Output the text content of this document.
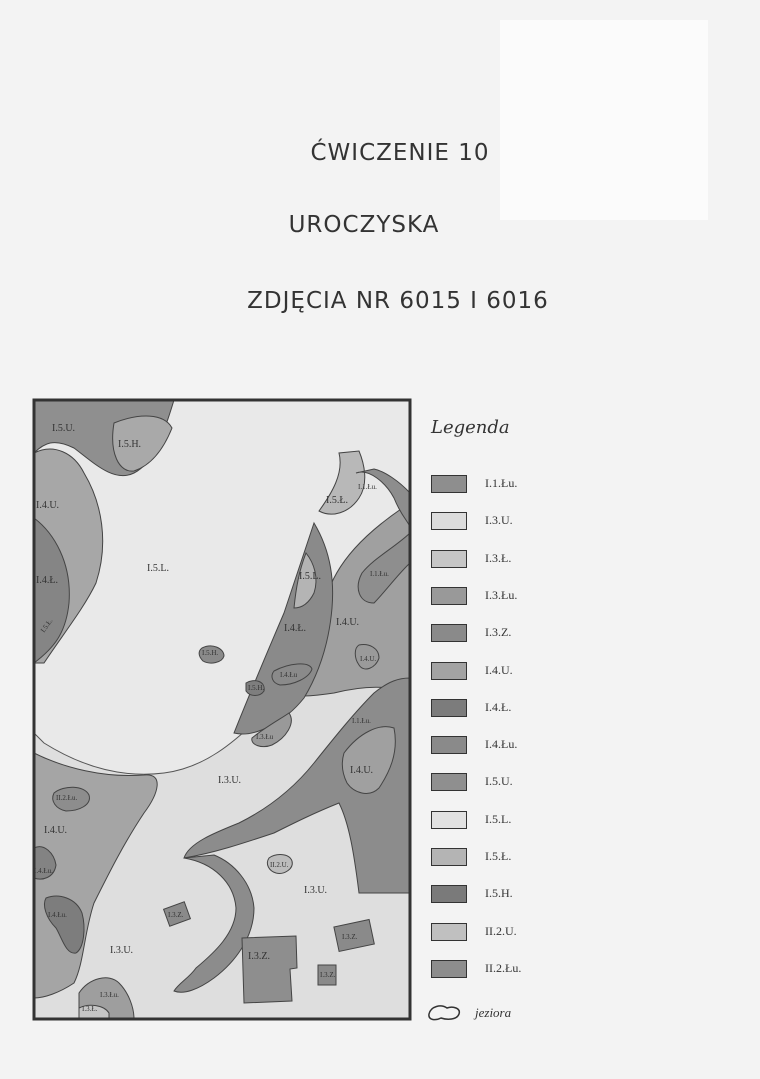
ĆWICZENIE 10
UROCZYSKA
ZDJĘCIA NR 6015 I 6016
I.5.U.
I.5.H.
I.4.U.
I.4.Ł.
I.5.Ł.
I.5.L.
I.5.H.
I.5.Ł.
I.1.Łu.
I.5.L.	I.1.Łu.
I.4.Ł.
I.4.U.
I.4.U.
I.5.H.
I.4.Łu
I.3.Łu
I.1.Łu.
I.4.U.
I.3.U.
II.2.Łu.
I.4.U.
I.4.Łu.
I.4.Łu.
II.2.U.
I.3.U.
I.3.Z.
I.3.Z.
I.3.Z.
I.3.U.
I.3.Z.
I.3.Łu.
I.3.Ł.
Legenda
I.1.Łu.
I.3.U.
I.3.Ł.
I.3.Łu.
I.3.Z.
I.4.U.
I.4.Ł.
I.4.Łu.
I.5.U.
I.5.L.
I.5.Ł.
I.5.H.
II.2.U.
II.2.Łu.
jeziora
